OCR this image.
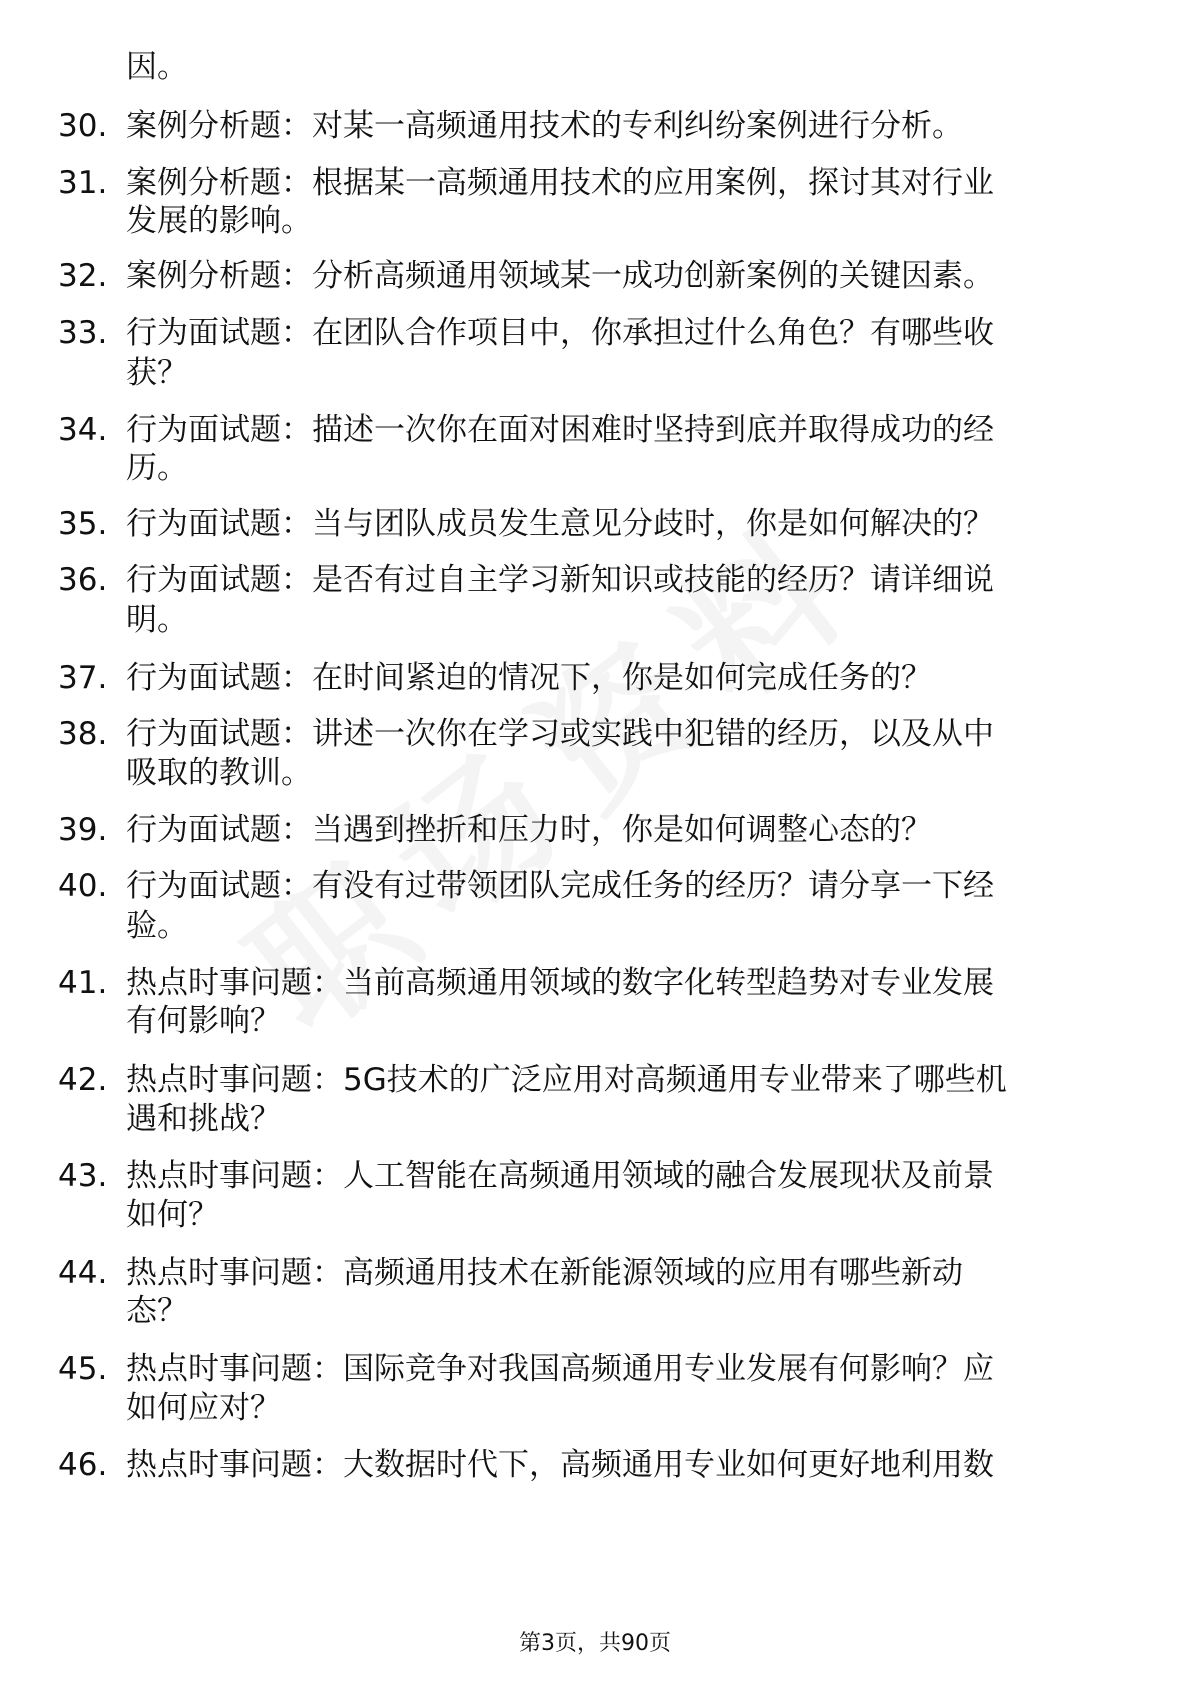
因。
30. 案例分析题：对某一高频通用技术的专利纠纷案例进行分析。
31. 案例分析题：根据某一高频通用技术的应用案例，探讨其对行业
发展的影响。
32. 案例分析题：分析高频通用领域某一成功创新案例的关键因素。
33. 行为面试题：在团队合作项目中，你承担过什么角色？有哪些收
获？
34. 行为面试题：描述一次你在面对困难时坚持到底并取得成功的经
历。
35. 行为面试题：当与团队成员发生意见分歧时，你是如何解决的？
36. 行为面试题：是否有过自主学习新知识或技能的经历？请详细说
明。
37. 行为面试题：在时间紧迫的情况下，你是如何完成任务的？
38. 行为面试题：讲述一次你在学习或实践中犯错的经历，以及从中
吸取的教训。
39. 行为面试题：当遇到挫折和压力时，你是如何调整心态的？
40. 行为面试题：有没有过带领团队完成任务的经历？请分享一下经
验。
41. 热点时事问题：当前高频通用领域的数字化转型趋势对专业发展
有何影响？
42. 热点时事问题：5G技术的广泛应用对高频通用专业带来了哪些机
遇和挑战？
43. 热点时事问题：人工智能在高频通用领域的融合发展现状及前景
如何？
44. 热点时事问题：高频通用技术在新能源领域的应用有哪些新动
态？
45. 热点时事问题：国际竞争对我国高频通用专业发展有何影响？应
如何应对？
46. 热点时事问题：大数据时代下，高频通用专业如何更好地利用数
第3页，共90页
